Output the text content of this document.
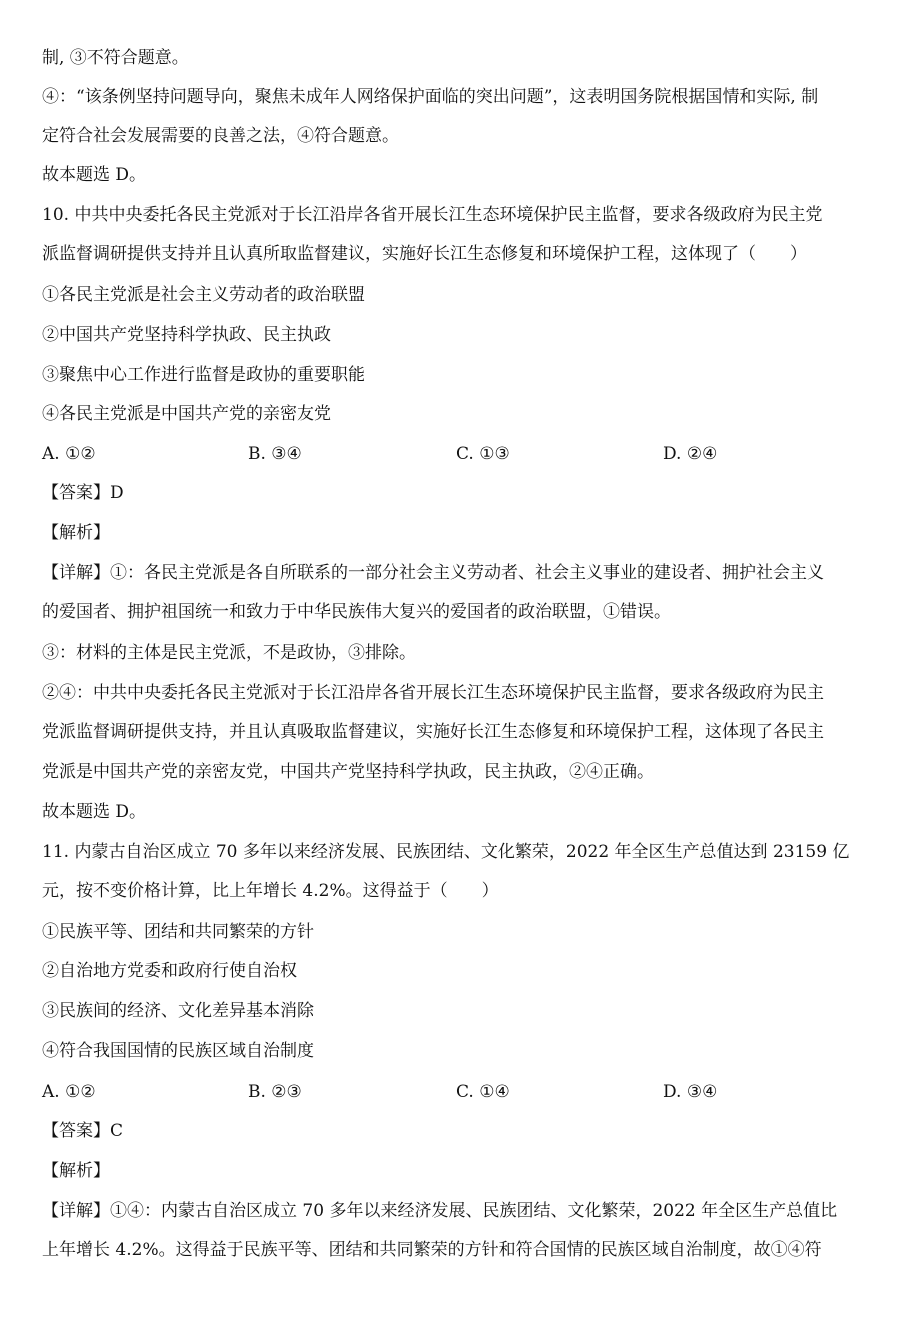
制, ③不符合题意。
④：“该条例坚持问题导向，聚焦未成年人网络保护面临的突出问题”，这表明国务院根据国情和实际, 制
定符合社会发展需要的良善之法，④符合题意。
故本题选 D。
10. 中共中央委托各民主党派对于长江沿岸各省开展长江生态环境保护民主监督，要求各级政府为民主党
派监督调研提供支持并且认真所取监督建议，实施好长江生态修复和环境保护工程，这体现了（　　）
①各民主党派是社会主义劳动者的政治联盟
②中国共产党坚持科学执政、民主执政
③聚焦中心工作进行监督是政协的重要职能
④各民主党派是中国共产党的亲密友党
A. ①②	B. ③④	C. ①③	D. ②④
【答案】D
【解析】
【详解】①：各民主党派是各自所联系的一部分社会主义劳动者、社会主义事业的建设者、拥护社会主义
的爱国者、拥护祖国统一和致力于中华民族伟大复兴的爱国者的政治联盟，①错误。
③：材料的主体是民主党派，不是政协，③排除。
②④：中共中央委托各民主党派对于长江沿岸各省开展长江生态环境保护民主监督，要求各级政府为民主
党派监督调研提供支持，并且认真吸取监督建议，实施好长江生态修复和环境保护工程，这体现了各民主
党派是中国共产党的亲密友党，中国共产党坚持科学执政，民主执政，②④正确。
故本题选 D。
11. 内蒙古自治区成立 70 多年以来经济发展、民族团结、文化繁荣，2022 年全区生产总值达到 23159 亿
元，按不变价格计算，比上年增长 4.2%。这得益于（　　）
①民族平等、团结和共同繁荣的方针
②自治地方党委和政府行使自治权
③民族间的经济、文化差异基本消除
④符合我国国情的民族区域自治制度
A. ①②	B. ②③	C. ①④	D. ③④
【答案】C
【解析】
【详解】①④：内蒙古自治区成立 70 多年以来经济发展、民族团结、文化繁荣，2022 年全区生产总值比
上年增长 4.2%。这得益于民族平等、团结和共同繁荣的方针和符合国情的民族区域自治制度，故①④符
